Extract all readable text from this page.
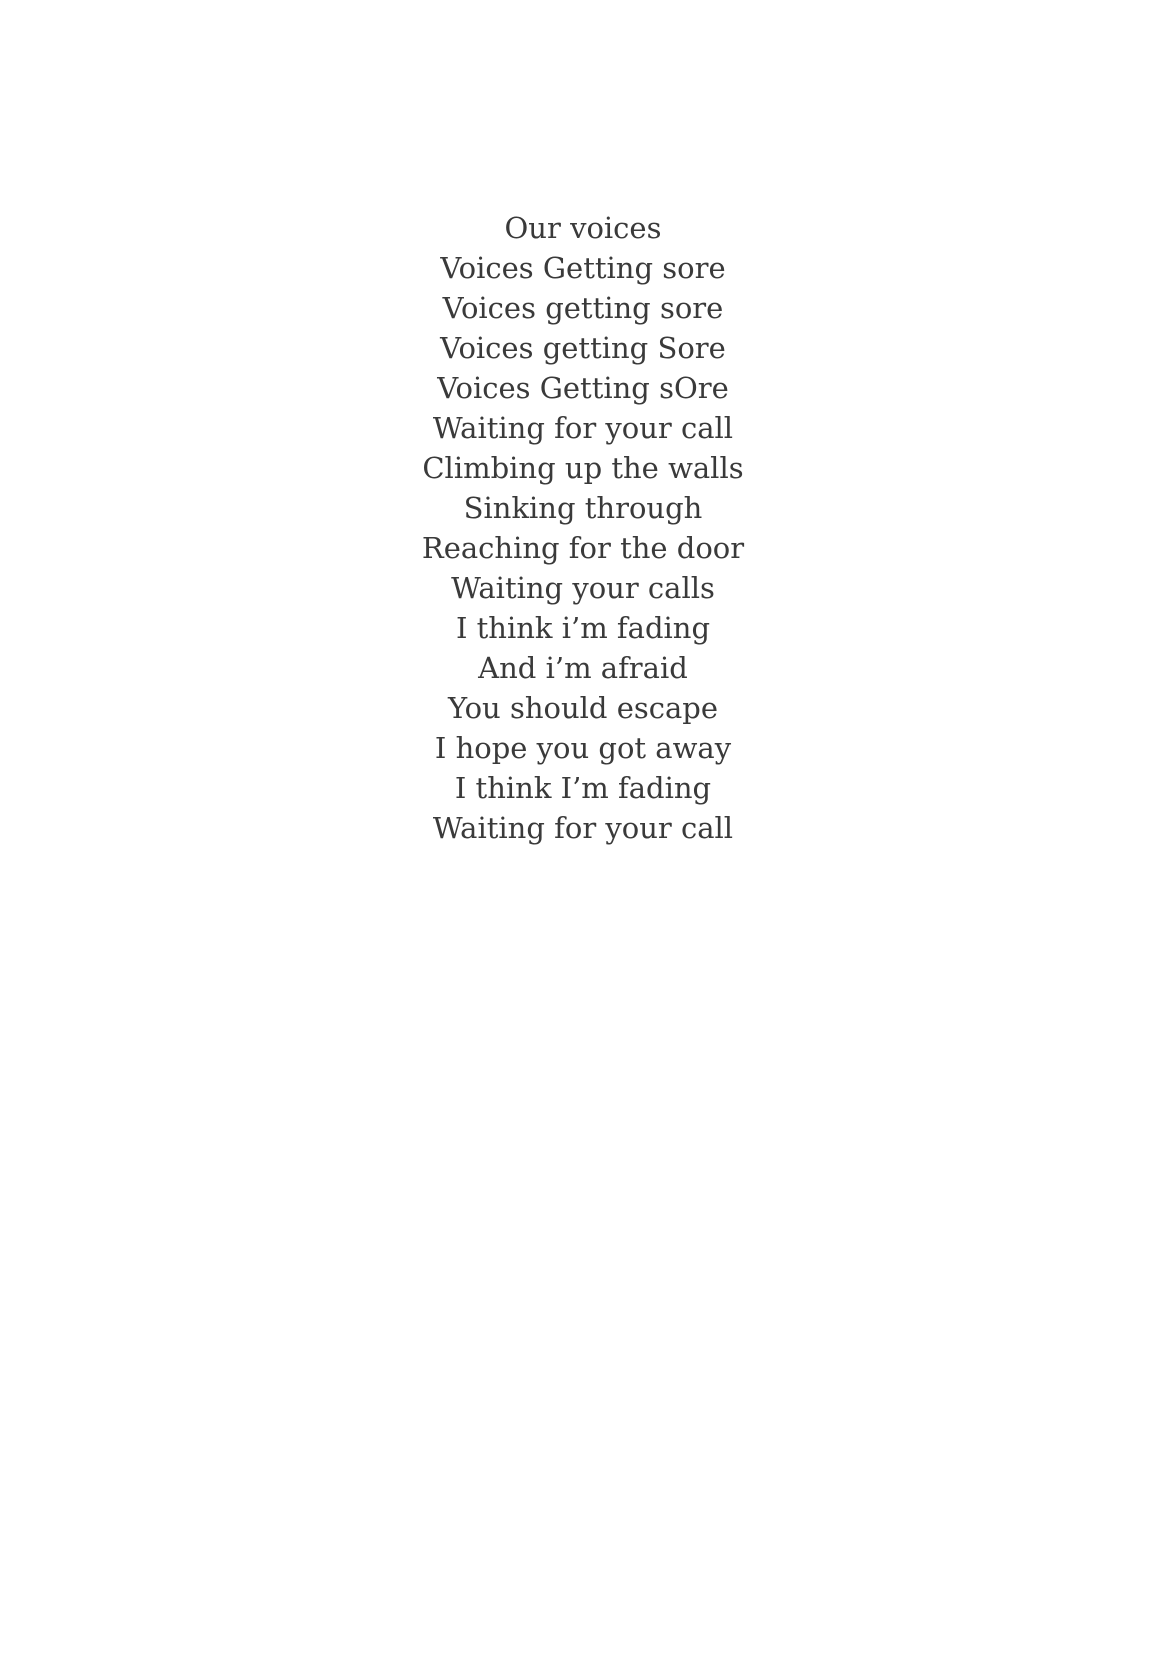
Our voices
Voices Getting sore
Voices getting sore
Voices getting Sore
Voices Getting sOre
Waiting for your call
Climbing up the walls
Sinking through
Reaching for the door
Waiting your calls
I think i’m fading
And i’m afraid
You should escape
I hope you got away
I think I’m fading
Waiting for your call
